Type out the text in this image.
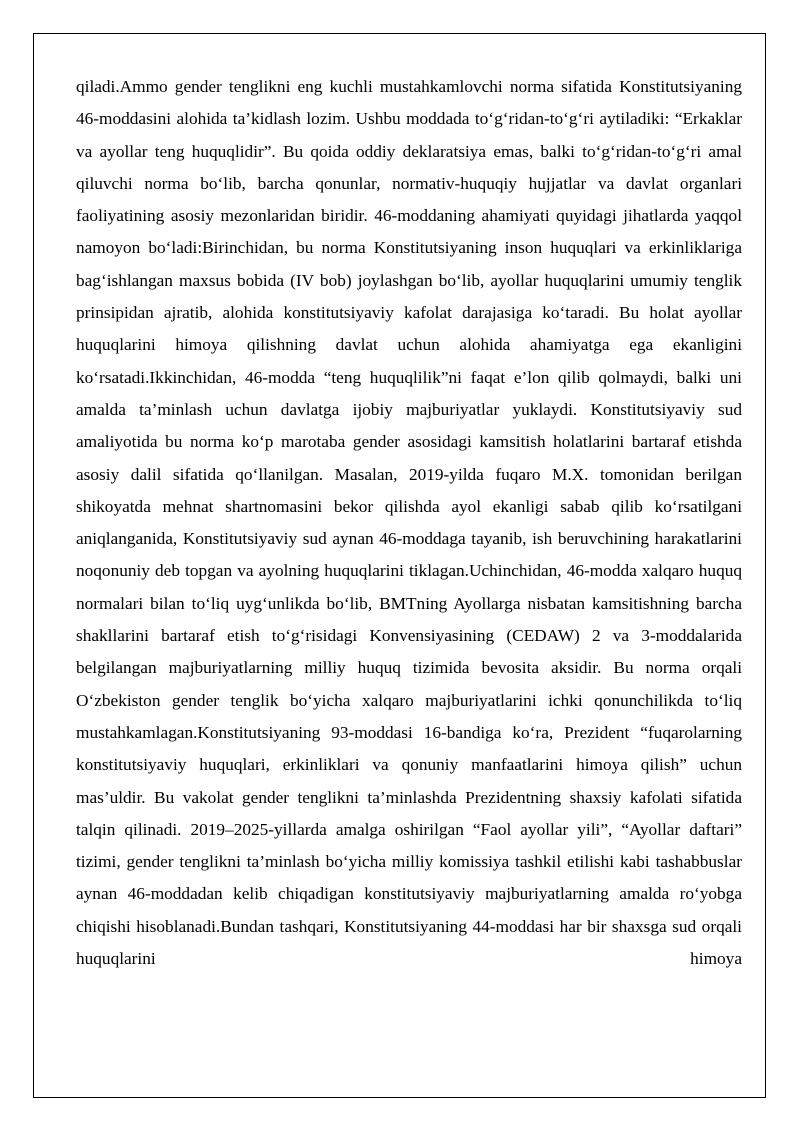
qiladi.Ammo gender tenglikni eng kuchli mustahkamlovchi norma sifatida Konstitutsiyaning 46-moddasini alohida ta’kidlash lozim. Ushbu moddada to‘g‘ridan-to‘g‘ri aytiladiki: “Erkaklar va ayollar teng huquqlidir”. Bu qoida oddiy deklaratsiya emas, balki to‘g‘ridan-to‘g‘ri amal qiluvchi norma bo‘lib, barcha qonunlar, normativ-huquqiy hujjatlar va davlat organlari faoliyatining asosiy mezonlaridan biridir. 46-moddaning ahamiyati quyidagi jihatlarda yaqqol namoyon bo‘ladi:Birinchidan, bu norma Konstitutsiyaning inson huquqlari va erkinliklariga bag‘ishlangan maxsus bobida (IV bob) joylashgan bo‘lib, ayollar huquqlarini umumiy tenglik prinsipidan ajratib, alohida konstitutsiyaviy kafolat darajasiga ko‘taradi. Bu holat ayollar huquqlarini himoya qilishning davlat uchun alohida ahamiyatga ega ekanligini ko‘rsatadi.Ikkinchidan, 46-modda “teng huquqlilik”ni faqat e’lon qilib qolmaydi, balki uni amalda ta’minlash uchun davlatga ijobiy majburiyatlar yuklaydi. Konstitutsiyaviy sud amaliyotida bu norma ko‘p marotaba gender asosidagi kamsitish holatlarini bartaraf etishda asosiy dalil sifatida qo‘llanilgan. Masalan, 2019-yilda fuqaro M.X. tomonidan berilgan shikoyatda mehnat shartnomasini bekor qilishda ayol ekanligi sabab qilib ko‘rsatilgani aniqlanganida, Konstitutsiyaviy sud aynan 46-moddaga tayanib, ish beruvchining harakatlarini noqonuniy deb topgan va ayolning huquqlarini tiklagan.Uchinchidan, 46-modda xalqaro huquq normalari bilan to‘liq uyg‘unlikda bo‘lib, BMTning Ayollarga nisbatan kamsitishning barcha shakllarini bartaraf etish to‘g‘risidagi Konvensiyasining (CEDAW) 2 va 3-moddalarida belgilangan majburiyatlarning milliy huquq tizimida bevosita aksidir. Bu norma orqali O‘zbekiston gender tenglik bo‘yicha xalqaro majburiyatlarini ichki qonunchilikda to‘liq mustahkamlagan.Konstitutsiyaning 93-moddasi 16-bandiga ko‘ra, Prezident “fuqarolarning konstitutsiyaviy huquqlari, erkinliklari va qonuniy manfaatlarini himoya qilish” uchun mas’uldir. Bu vakolat gender tenglikni ta’minlashda Prezidentning shaxsiy kafolati sifatida talqin qilinadi. 2019–2025-yillarda amalga oshirilgan “Faol ayollar yili”, “Ayollar daftari” tizimi, gender tenglikni ta’minlash bo‘yicha milliy komissiya tashkil etilishi kabi tashabbuslar aynan 46-moddadan kelib chiqadigan konstitutsiyaviy majburiyatlarning amalda ro‘yobga chiqishi hisoblanadi.Bundan tashqari, Konstitutsiyaning 44-moddasi har bir shaxsga sud orqali huquqlarini himoya
